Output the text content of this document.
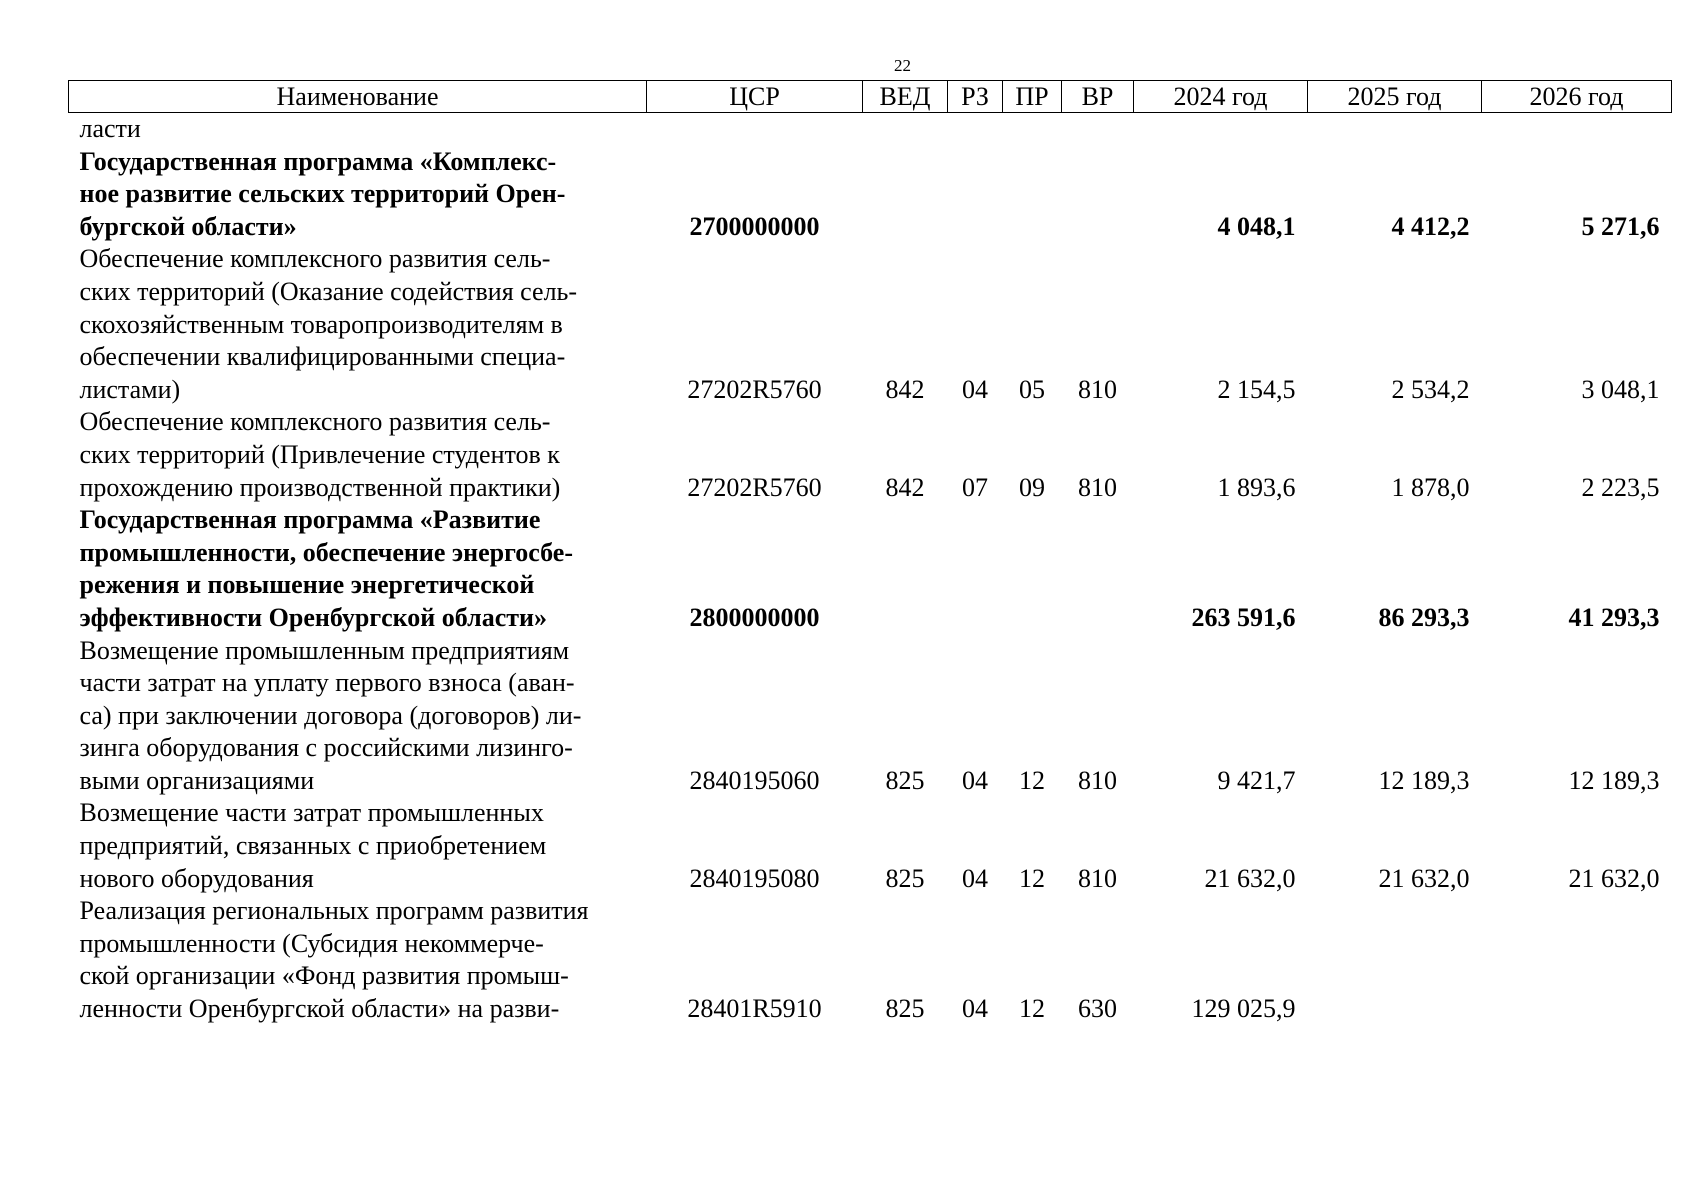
22
Наименование	ЦСР	ВЕД	РЗ	ПР	ВР	2024 год	2025 год	2026 год

ласти								

Государственная программа «Комплекс-
ное развитие сельских территорий Орен-
бургской области»	2700000000					4 048,1	4 412,2	5 271,6

Обеспечение комплексного развития сель-
ских территорий (Оказание содействия сель-
скохозяйственным товаропроизводителям в
обеспечении квалифицированными специа-
листами)	27202R5760	842	04	05	810	2 154,5	2 534,2	3 048,1

Обеспечение комплексного развития сель-
ских территорий (Привлечение студентов к
прохождению производственной практики)	27202R5760	842	07	09	810	1 893,6	1 878,0	2 223,5

Государственная программа «Развитие
промышленности, обеспечение энергосбе-
режения и повышение энергетической
эффективности Оренбургской области»	2800000000					263 591,6	86 293,3	41 293,3

Возмещение промышленным предприятиям
части затрат на уплату первого взноса (аван-
са) при заключении договора (договоров) ли-
зинга оборудования с российскими лизинго-
выми организациями	2840195060	825	04	12	810	9 421,7	12 189,3	12 189,3

Возмещение части затрат промышленных
предприятий, связанных с приобретением
нового оборудования	2840195080	825	04	12	810	21 632,0	21 632,0	21 632,0

Реализация региональных программ развития
промышленности (Субсидия некоммерче-
ской организации «Фонд развития промыш-
ленности Оренбургской области» на разви-	28401R5910	825	04	12	630	129 025,9		
